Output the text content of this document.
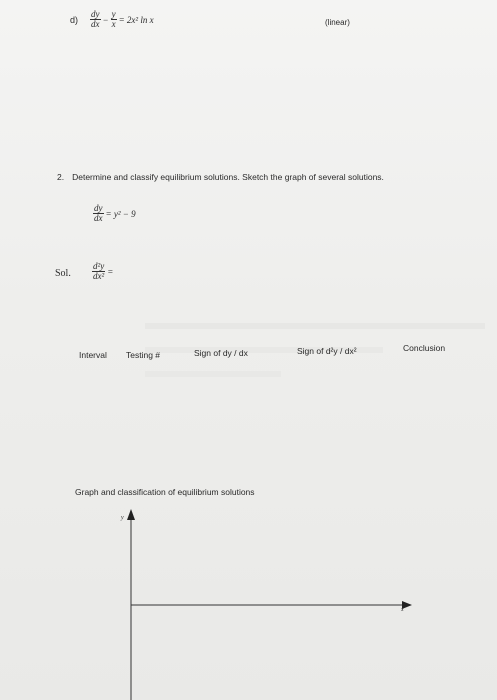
$d) \frac{dy}{dx} - \frac{y}{x} = 2x^2$ ln x	(linear)
2. Determine and classify equilibrium solutions. Sketch the graph of several solutions.
$\frac{dy}{dx} = y^2 - 9$
Sol. $\frac{\text{d²y}}{\text{dx²}}$ =
Interval Testing #	Sign of dy / dx	Sign of d²y / dx²	Conclusion
Graph and classification of equilibrium solutions
y
x
